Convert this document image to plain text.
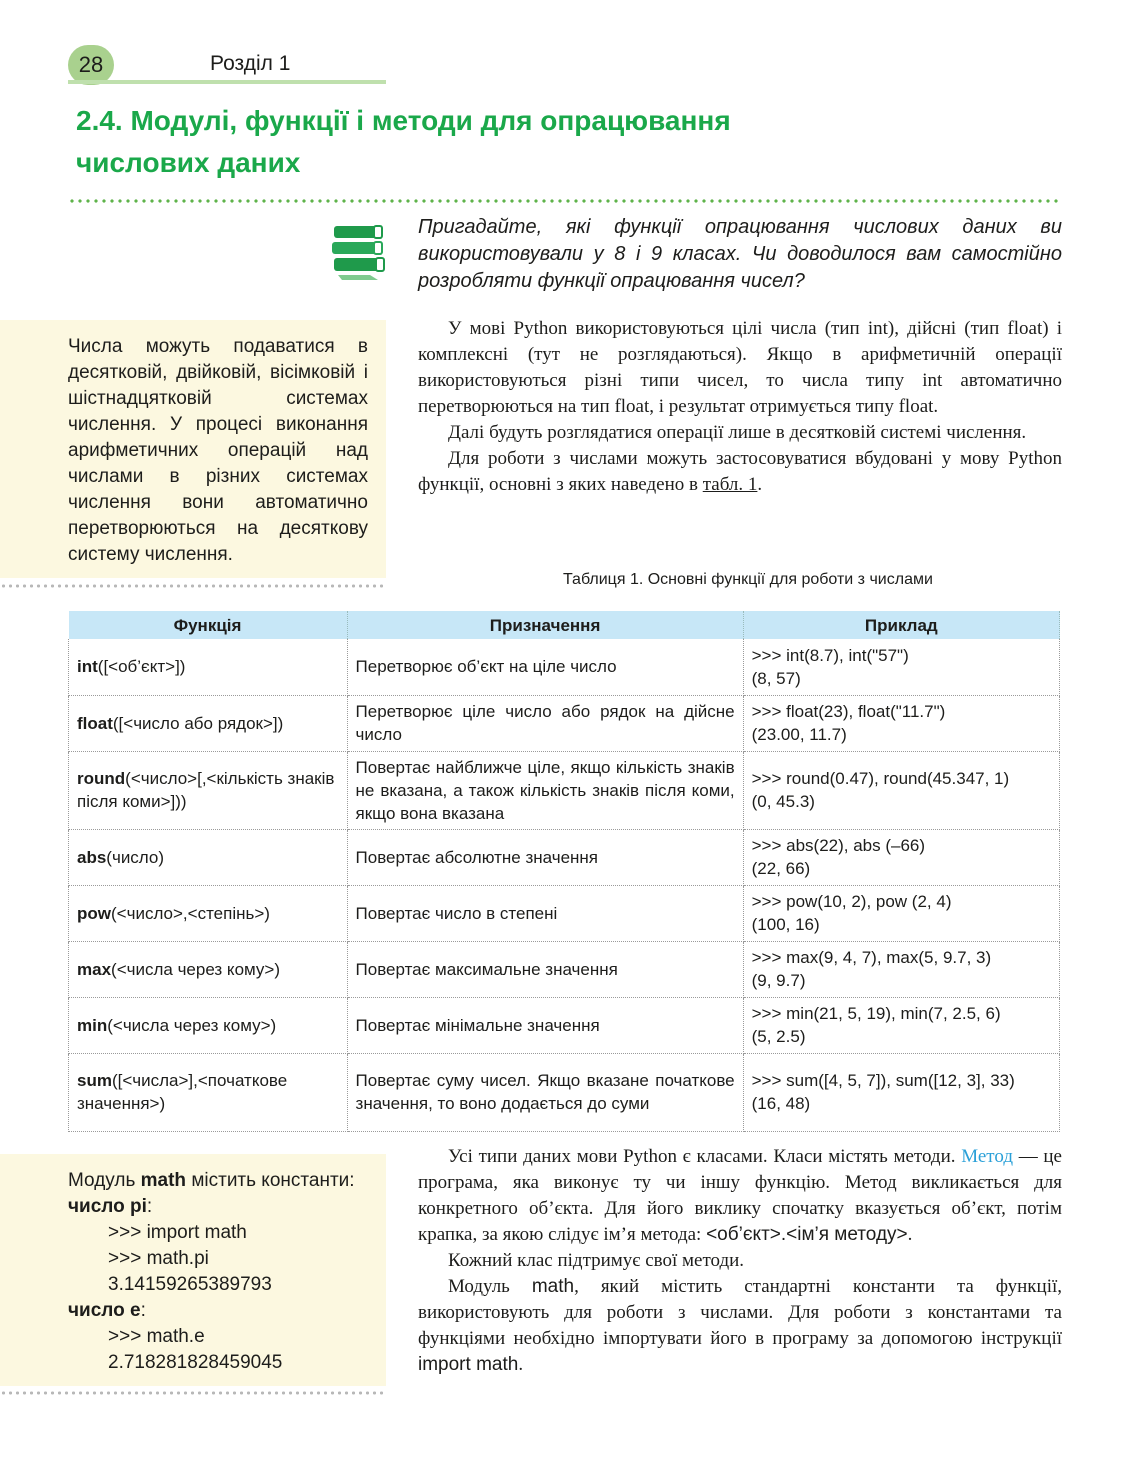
28	Розділ 1
2.4. Модулі, функції і методи для опрацювання
числових даних
Пригадайте, які функції опрацювання числових даних ви використовували у 8 і 9 класах. Чи доводилося вам самостійно розробляти функції опрацювання чисел?
Числа можуть подаватися в десятковій, двійковій, вісімковій і шістнадцятковій системах числення. У процесі виконання арифметичних операцій над числами в різних системах числення вони автоматично перетворюються на десяткову систему числення.

У мові Python використовуються цілі числа (тип int), дійсні (тип float) і комплексні (тут не розглядаються). Якщо в арифметичній операції використовуються різні типи чисел, то числа типу int автоматично перетворюються на тип float, і результат отримується типу float.

Далі будуть розглядатися операції лише в десятковій системі числення.

Для роботи з числами можуть застосовуватися вбудовані у мову Python функції, основні з яких наведено в табл. 1.

Таблиця 1. Основні функції для роботи з числами
Функція	Призначення	Приклад
int([<об’єкт>])	Перетворює об’єкт на ціле число	>>> int(8.7), int("57")
(8, 57)

float([<число або рядок>])	Перетворює ціле число або рядок на дійсне число	>>> float(23), float("11.7")
(23.00, 11.7)

round(<число>[,<кількість знаків після коми>]))	Повертає найближче ціле, якщо кількість знаків не вказана, а також кількість знаків після коми, якщо вона вказана	>>> round(0.47), round(45.347, 1)
(0, 45.3)

abs(число)	Повертає абсолютне значення	>>> abs(22), abs (–66)
(22, 66)

pow(<число>,<степінь>)	Повертає число в степені	>>> pow(10, 2), pow (2, 4)
(100, 16)

max(<числа через кому>)	Повертає максимальне значення	>>> max(9, 4, 7), max(5, 9.7, 3)
(9, 9.7)

min(<числа через кому>)	Повертає мінімальне значення	>>> min(21, 5, 19), min(7, 2.5, 6)
(5, 2.5)

sum([<числа>],<початкове значення>)	Повертає суму чисел. Якщо вказане початкове значення, то воно додається до суми	>>> sum([4, 5, 7]), sum([12, 3], 33)
(16, 48)
Модуль math містить константи:
число pi:
>>> import math
>>> math.pi
3.14159265389793
число e:
>>> math.e
2.718281828459045

Усі типи даних мови Python є класами. Класи містять методи. Метод — це програма, яка виконує ту чи іншу функцію. Метод викликається для конкретного об’єкта. Для його виклику спочатку вказується об’єкт, потім крапка, за якою слідує ім’я метода: <об’єкт>.<ім’я методу>.

Кожний клас підтримує свої методи.

Модуль math, який містить стандартні константи та функції, використовують для роботи з числами. Для роботи з константами та функціями необхідно імпортувати його в програму за допомогою інструкції import math.
